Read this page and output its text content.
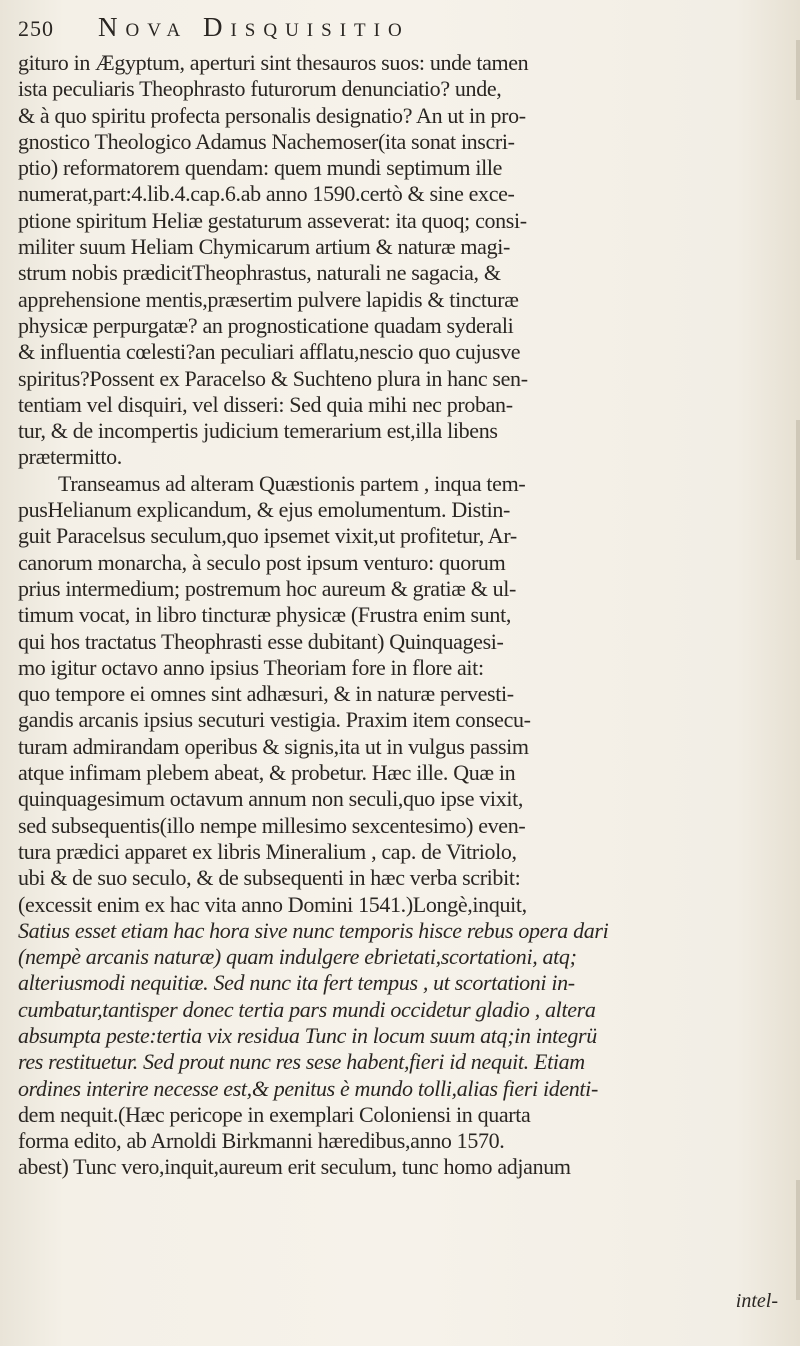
250 Nova Disquisitio
giturо in Ægyptum, aperturi sint thesauros suos: unde tamen
ista peculiaris Theophrasto futurorum denunciatio? unde,
& à quo spiritu profecta personalis designatio? An ut in pro-
gnostico Theologico Adamus Nachemoser(ita sonat inscri-
ptio) reformatorem quendam: quem mundi septimum ille
numerat,part:4.lib.4.cap.6.ab anno 1590.certò & sine exce-
ptione spiritum Heliæ gestaturum asseverat: ita quoq; consi-
militer suum Heliam Chymicarum artium & naturæ magi-
strum nobis prædicitTheophrastus, naturali ne sagacia, &
apprehensione mentis,præsertim pulvere lapidis & tincturæ
physicæ perpurgatæ? an prognosticatione quadam syderali
& influentia cœlesti?an peculiari afflatu,nescio quo cujusve
spiritus?Possent ex Paracelso & Suchteno plura in hanc sen-
tentiam vel disquiri, vel disseri: Sed quia mihi nec proban-
tur, & de incompertis judicium temerarium est,illa libens
prætermitto.
Transeamus ad alteram Quæstionis partem , inqua tem-
pusHelianum explicandum, & ejus emolumentum. Distin-
guit Paracelsus seculum,quo ipsemet vixit,ut profitetur, Ar-
canorum monarcha, à seculo post ipsum venturo: quorum
prius intermedium; postremum hoc aureum & gratiæ & ul-
timum vocat, in libro tincturæ physicæ (Frustra enim sunt,
qui hos tractatus Theophrasti esse dubitant) Quinquagesi-
mo igitur octavo anno ipsius Theoriam fore in flore ait:
quo tempore ei omnes sint adhæsuri, & in naturæ pervesti-
gandis arcanis ipsius secuturi vestigia. Praxim item consecu-
turam admirandam operibus & signis,ita ut in vulgus passim
atque infimam plebem abeat, & probetur. Hæc ille. Quæ in
quinquagesimum octavum annum non seculi,quo ipse vixit,
sed subsequentis(illo nempe millesimo sexcentesimo) even-
tura prædici apparet ex libris Mineralium , cap. de Vitriolo,
ubi & de suo seculo, & de subsequenti in hæc verba scribit:
(excessit enim ex hac vita anno Domini 1541.)Longè,inquit,
Satius esset etiam hac hora sive nunc temporis hisce rebus opera dari
(nempè arcanis naturæ) quam indulgere ebrietati,scortationi, atq;
alteriusmodi nequitiæ. Sed nunc ita fert tempus , ut scortationi in-
cumbatur,tantisper donec tertia pars mundi occidetur gladio , altera
absumpta peste:tertia vix residua Tunc in locum suum atq;in integrü
res restituetur. Sed prout nunc res sese habent,fieri id nequit. Etiam
ordines interire necesse est,& penitus è mundo tolli,alias fieri identi-
dem nequit.(Hæc pericope in exemplari Coloniensi in quarta
forma edito, ab Arnoldi Birkmanni hæredibus,anno 1570.
abest) Tunc vero,inquit,aureum erit seculum, tunc homo adjanum
intel-
